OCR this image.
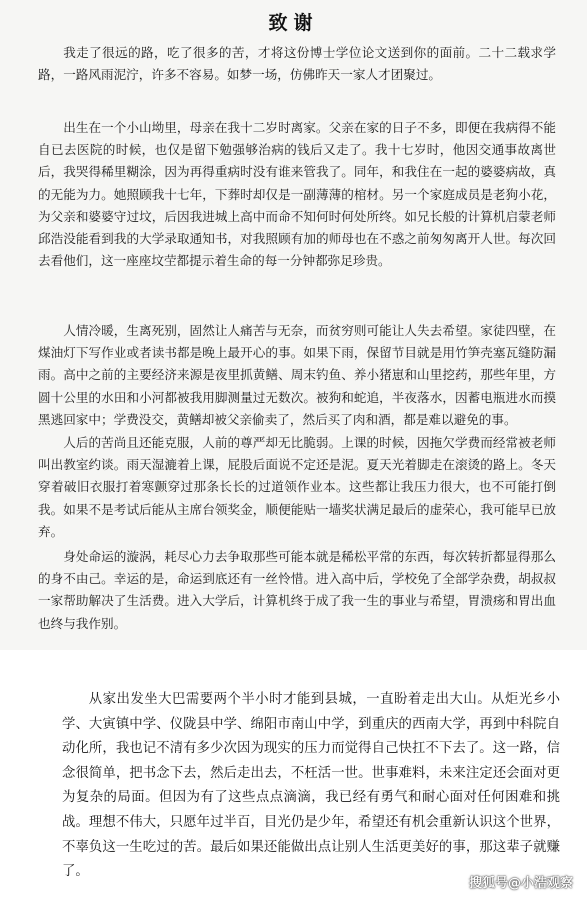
致谢

我走了很远的路，吃了很多的苦，才将这份博士学位论文送到你的面前。二十二载求学路，一路风雨泥泞，许多不容易。如梦一场，仿佛昨天一家人才团聚过。

出生在一个小山坳里，母亲在我十二岁时离家。父亲在家的日子不多，即便在我病得不能自已去医院的时候，也仅是留下勉强够治病的钱后又走了。我十七岁时，他因交通事故离世后，我哭得稀里糊涂，因为再得重病时没有谁来管我了。同年，和我住在一起的婆婆病故，真的无能为力。她照顾我十七年，下葬时却仅是一副薄薄的棺材。另一个家庭成员是老狗小花，为父亲和婆婆守过坟，后因我进城上高中而命不知何时何处所终。如兄长般的计算机启蒙老师邱浩没能看到我的大学录取通知书，对我照顾有加的师母也在不惑之前匆匆离开人世。每次回去看他们，这一座座坟茔都提示着生命的每一分钟都弥足珍贵。

人情冷暖，生离死别，固然让人痛苦与无奈，而贫穷则可能让人失去希望。家徒四壁，在煤油灯下写作业或者读书都是晚上最开心的事。如果下雨，保留节目就是用竹笋壳塞瓦缝防漏雨。高中之前的主要经济来源是夜里抓黄鳝、周末钓鱼、养小猪崽和山里挖药，那些年里，方圆十公里的水田和小河都被我用脚测量过无数次。被狗和蛇追，半夜落水，因蓄电瓶进水而摸黑逃回家中；学费没交，黄鳝却被父亲偷卖了，然后买了肉和酒，都是难以避免的事。

人后的苦尚且还能克服，人前的尊严却无比脆弱。上课的时候，因拖欠学费而经常被老师叫出教室约谈。雨天湿漉着上课，屁股后面说不定还是泥。夏天光着脚走在滚烫的路上。冬天穿着破旧衣服打着寒颤穿过那条长长的过道领作业本。这些都让我压力很大，也不可能打倒我。如果不是考试后能从主席台领奖金，顺便能贴一墙奖状满足最后的虚荣心，我可能早已放弃。

身处命运的漩涡，耗尽心力去争取那些可能本就是稀松平常的东西，每次转折都显得那么的身不由己。幸运的是，命运到底还有一丝怜惜。进入高中后，学校免了全部学杂费，胡叔叔一家帮助解决了生活费。进入大学后，计算机终于成了我一生的事业与希望，胃溃疡和胃出血也终与我作别。

从家出发坐大巴需要两个半小时才能到县城，一直盼着走出大山。从炬光乡小学、大寅镇中学、仪陇县中学、绵阳市南山中学，到重庆的西南大学，再到中科院自动化所，我也记不清有多少次因为现实的压力而觉得自己快扛不下去了。这一路，信念很简单，把书念下去，然后走出去，不枉活一世。世事难料，未来注定还会面对更为复杂的局面。但因为有了这些点点滴滴，我已经有勇气和耐心面对任何困难和挑战。理想不伟大，只愿年过半百，目光仍是少年，希望还有机会重新认识这个世界，不辜负这一生吃过的苦。最后如果还能做出点让别人生活更美好的事，那这辈子就赚了。

搜狐号@小浩观察
